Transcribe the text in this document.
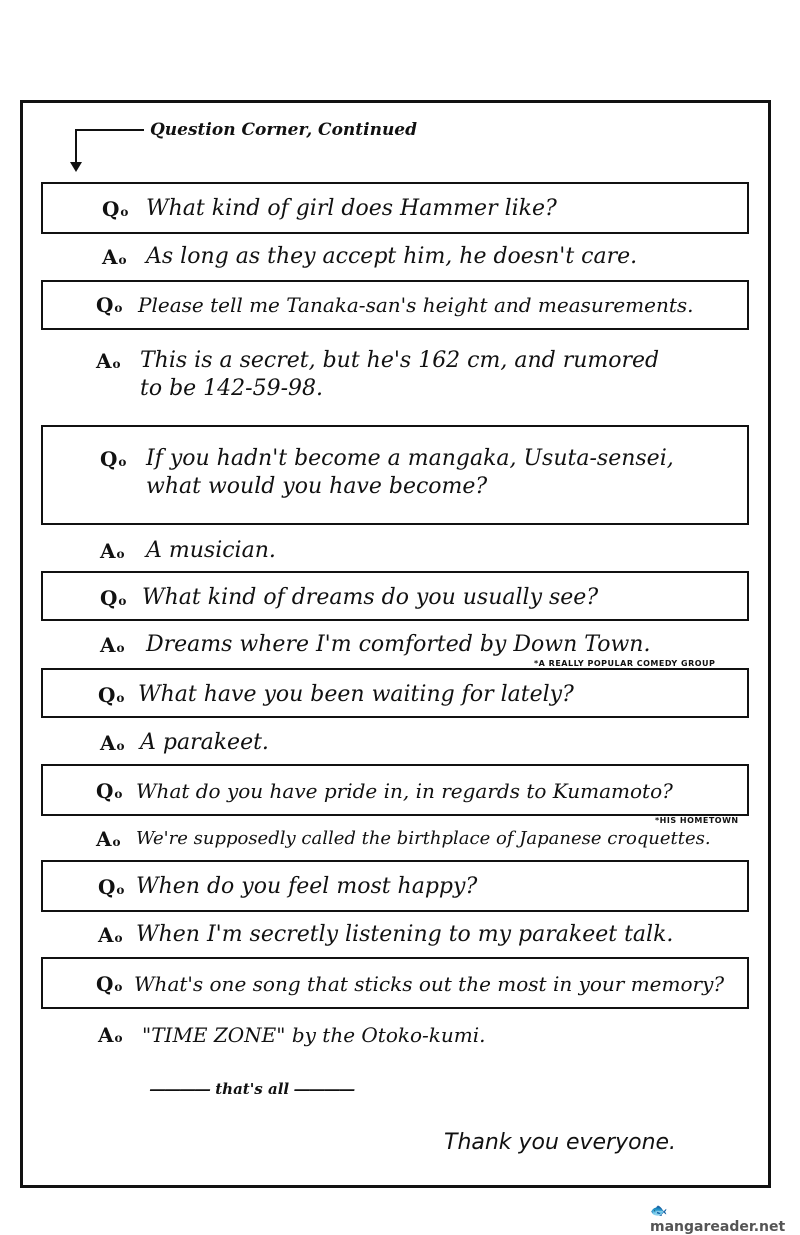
Question Corner, Continued
Qo What kind of girl does Hammer like?
Ao As long as they accept him, he doesn't care.
Qo Please tell me Tanaka-san's height and measurements.
Ao This is a secret, but he's 162 cm, and rumored
to be 142-59-98.
Qo If you hadn't become a mangaka, Usuta-sensei,
what would you have become?
Ao A musician.
Qo What kind of dreams do you usually see?
Ao Dreams where I'm comforted by Down Town.
*A REALLY POPULAR COMEDY GROUP
Qo What have you been waiting for lately?
Ao A parakeet.
Qo What do you have pride in, in regards to Kumamoto?
*HIS HOMETOWN
Ao We're supposedly called the birthplace of Japanese croquettes.
Qo When do you feel most happy?
Ao When I'm secretly listening to my parakeet talk.
Qo What's one song that sticks out the most in your memory?
Ao "TIME ZONE" by the Otoko-kumi.
―――― that's all ――――
Thank you everyone.
🐟 mangareader.net
